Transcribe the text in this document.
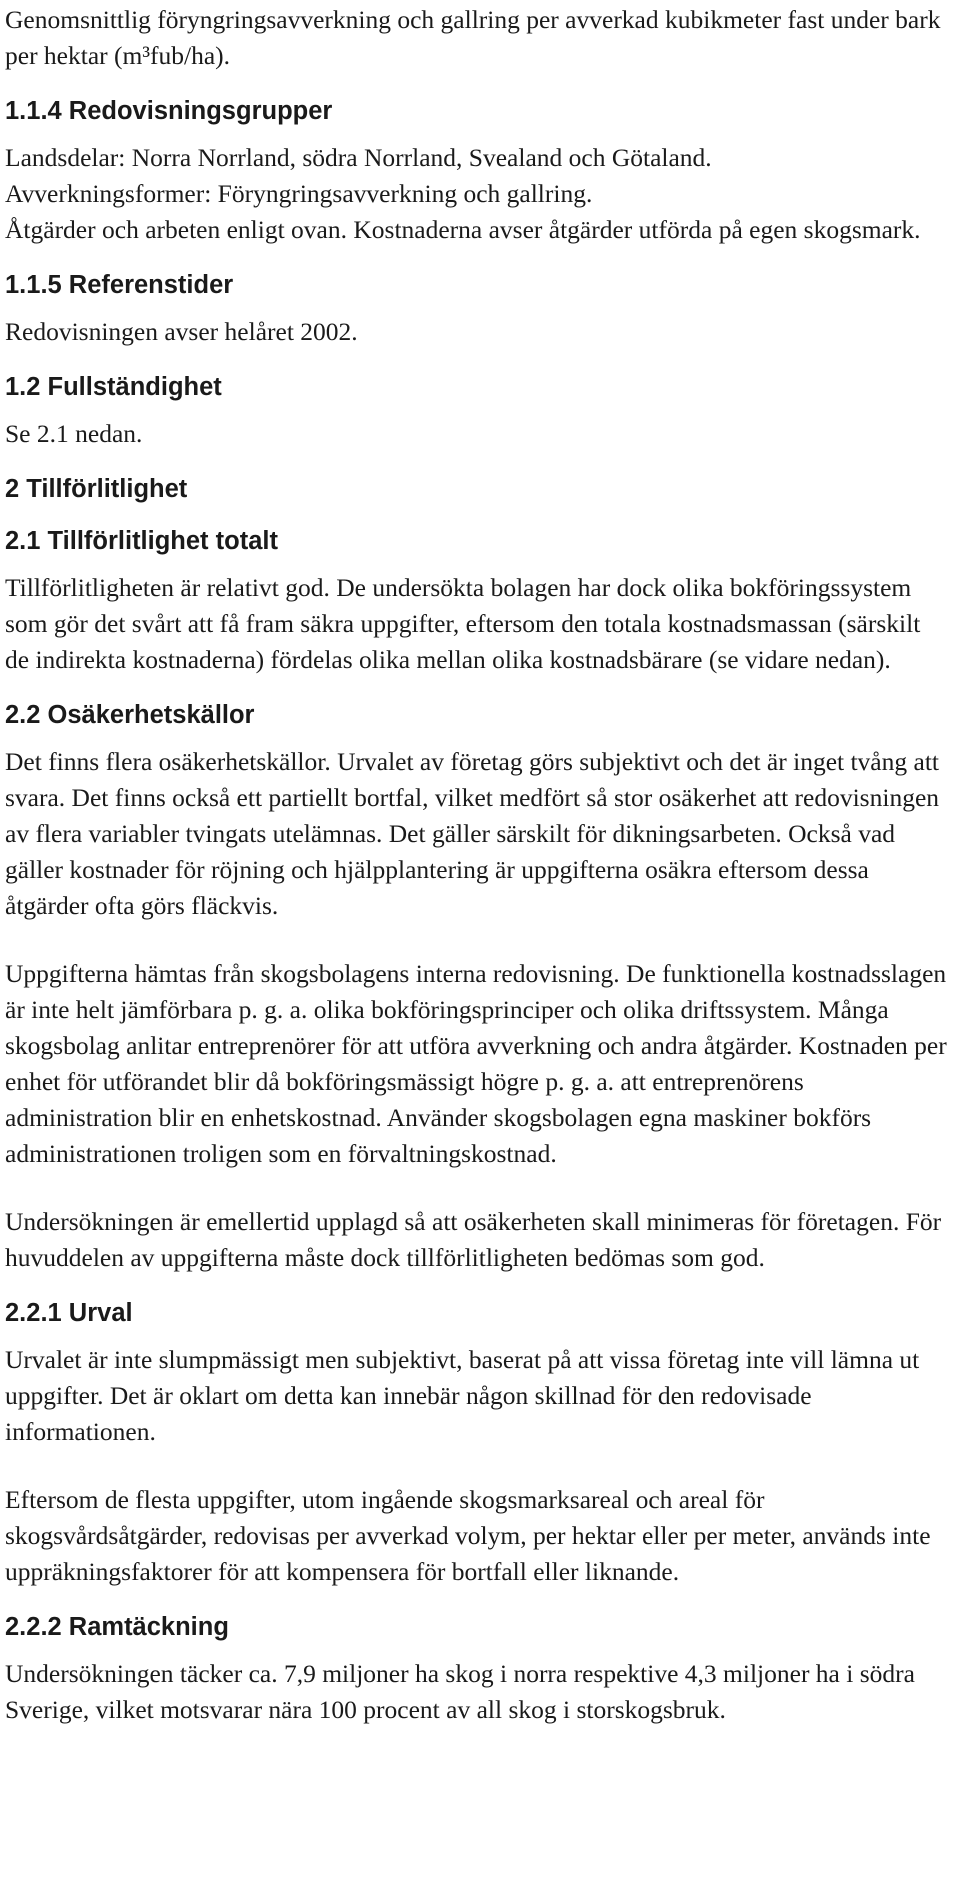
Genomsnittlig föryngringsavverkning och gallring per avverkad kubikmeter fast under bark per hektar (m³fub/ha).

1.1.4 Redovisningsgrupper

Landsdelar: Norra Norrland, södra Norrland, Svealand och Götaland.

Avverkningsformer: Föryngringsavverkning och gallring.

Åtgärder och arbeten enligt ovan. Kostnaderna avser åtgärder utförda på egen skogsmark.

1.1.5 Referenstider

Redovisningen avser helåret 2002.

1.2 Fullständighet

Se 2.1 nedan.

2 Tillförlitlighet
2.1 Tillförlitlighet totalt

Tillförlitligheten är relativt god. De undersökta bolagen har dock olika bokföringssystem som gör det svårt att få fram säkra uppgifter, eftersom den totala kostnadsmassan (särskilt de indirekta kostnaderna) fördelas olika mellan olika kostnadsbärare (se vidare nedan).

2.2 Osäkerhetskällor

Det finns flera osäkerhetskällor. Urvalet av företag görs subjektivt och det är inget tvång att svara. Det finns också ett partiellt bortfal, vilket medfört så stor osäkerhet att redovisningen av flera variabler tvingats utelämnas. Det gäller särskilt för dikningsarbeten. Också vad gäller kostnader för röjning och hjälpplantering är uppgifterna osäkra eftersom dessa åtgärder ofta görs fläckvis.

Uppgifterna hämtas från skogsbolagens interna redovisning. De funktionella kostnadsslagen är inte helt jämförbara p. g. a. olika bokföringsprinciper och olika driftssystem. Många skogsbolag anlitar entreprenörer för att utföra avverkning och andra åtgärder. Kostnaden per enhet för utförandet blir då bokföringsmässigt högre p. g. a. att entreprenörens administration blir en enhetskostnad. Använder skogsbolagen egna maskiner bokförs administrationen troligen som en förvaltningskostnad.

Undersökningen är emellertid upplagd så att osäkerheten skall minimeras för företagen. För huvuddelen av uppgifterna måste dock tillförlitligheten bedömas som god.

2.2.1 Urval

Urvalet är inte slumpmässigt men subjektivt, baserat på att vissa företag inte vill lämna ut uppgifter. Det är oklart om detta kan innebär någon skillnad för den redovisade informationen.

Eftersom de flesta uppgifter, utom ingående skogsmarksareal och areal för skogsvårdsåtgärder, redovisas per avverkad volym, per hektar eller per meter, används inte uppräkningsfaktorer för att kompensera för bortfall eller liknande.

2.2.2 Ramtäckning

Undersökningen täcker ca. 7,9 miljoner ha skog i norra respektive 4,3 miljoner ha i södra Sverige, vilket motsvarar nära 100 procent av all skog i storskogsbruk.
